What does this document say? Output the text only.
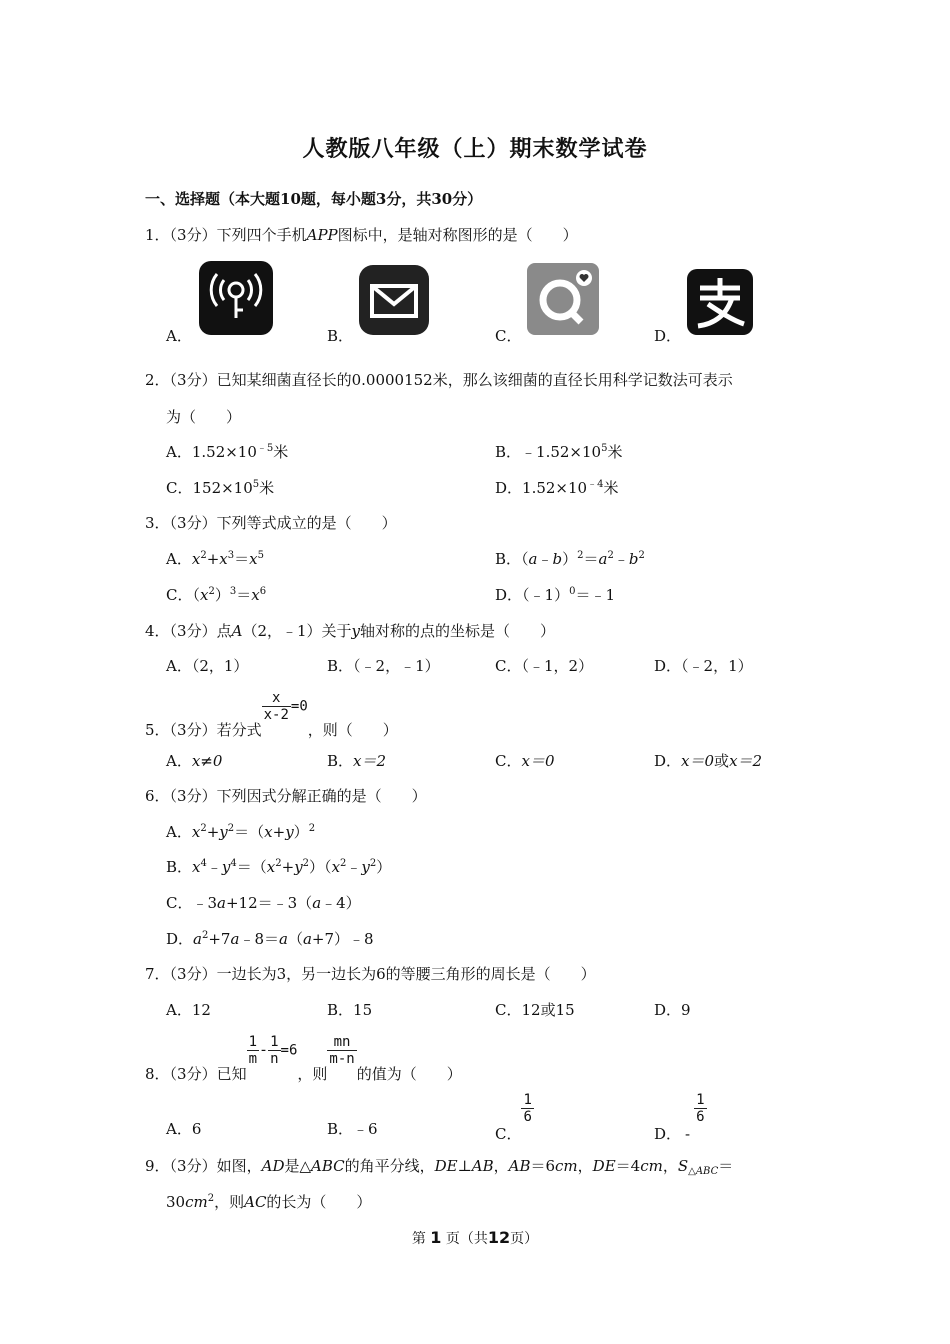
人教版八年级（上）期末数学试卷
一、选择题（本大题10题，每小题3分，共30分）
1．（3分）下列四个手机APP图标中，是轴对称图形的是（　　）
A．	B．	C．	D．
2．（3分）已知某细菌直径长的0.0000152米，那么该细菌的直径长用科学记数法可表示
为（　　）
A．$1.52\times 10^{﹣5}$米	B．$﹣1.52\times 10^5$米
C．$152\times 10^5$米	D．$1.52\times 10^{﹣4}$米
3．（3分）下列等式成立的是（　　）
A．$x^2+x^3=x^5$	B．$(a﹣b)^2=a^2﹣b^2$
C．$(x^2)^3=x^6$	D．（﹣1）$^0$＝﹣1
4．（3分）点A（2，﹣1）关于y轴对称的点的坐标是（　　）
A．（2，1）	B．（﹣2，﹣1）	C．（﹣1，2）	D．（﹣2，1）
5．（3分）若分式
$\frac{x}{x-2} =0$，则（　　）
A．x≠0	B．x＝2	C．x＝0	D．x＝0或x＝2
6．（3分）下列因式分解正确的是（　　）
A．$x^2+y^2=(x+y)^2$
B．$x^4﹣y^4=(x^2+y^2)(x^2﹣y^2)$
C．﹣3a+12＝﹣3（a﹣4）
D．$a^2+7a﹣8=a(a+7)﹣8$
7．（3分）一边长为3，另一边长为6的等腰三角形的周长是（　　）
A．12	B．15	C．12或15	D．9
8．（3分）已知
$\frac{1}{m} - \frac{1}{n} =6$，则
$\frac{mn}{m-n}$
的值为（　　）
A．6	B．﹣6	C．
$\frac{1}{6}$
D． -
$\frac{1}{6}$
9．（3分）如图，AD是△ABC的角平分线，DE⊥AB，AB＝6cm，DE＝4cm，$S_{\triangle ABC}=$
$30cm^2$，则AC的长为（　　）
第 1 页（共12页）
